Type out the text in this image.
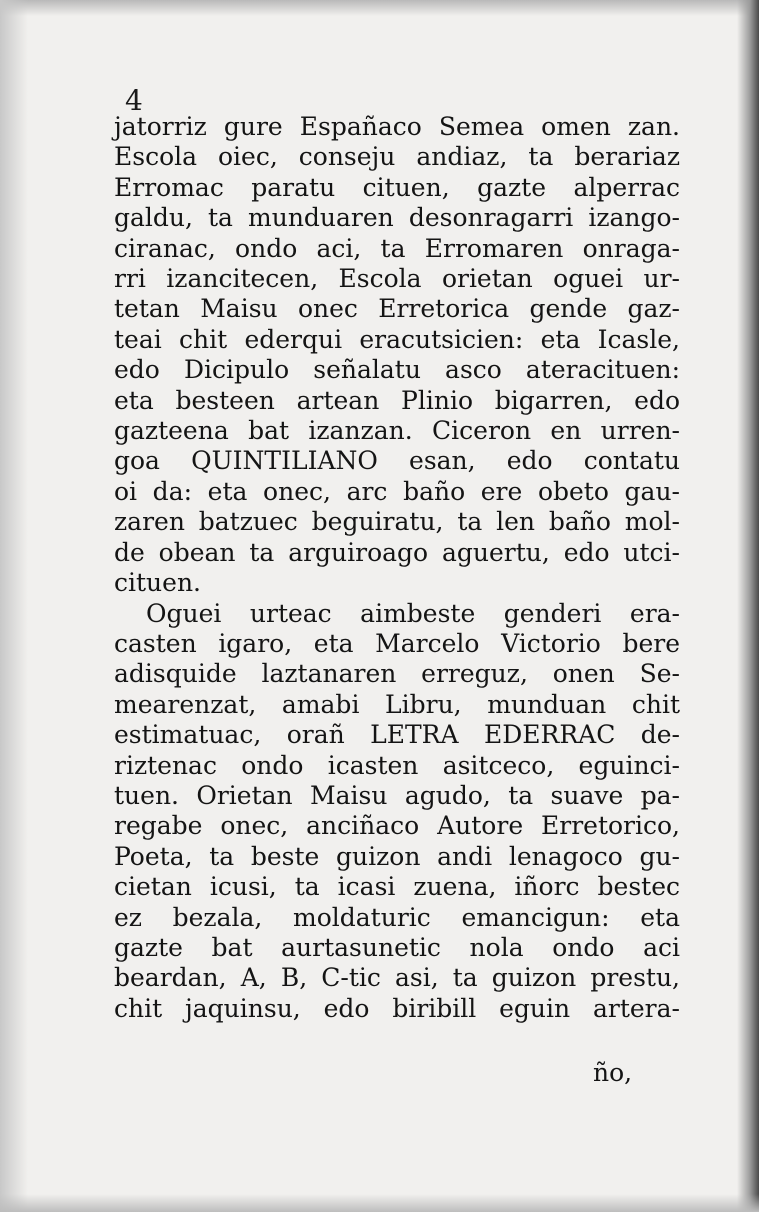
4
jatorriz gure Españaco Semea omen zan.
Escola oiec, conseju andiaz, ta berariaz
Erromac paratu cituen, gazte alperrac
galdu, ta munduaren desonragarri izango-
ciranac, ondo aci, ta Erromaren onraga-
rri izancitecen, Escola orietan oguei ur-
tetan Maisu onec Erretorica gende gaz-
teai chit ederqui eracutsicien: eta Icasle,
edo Dicipulo señalatu asco ateracituen:
eta besteen artean Plinio bigarren, edo
gazteena bat izanzan. Ciceron en urren-
goa QUINTILIANO esan, edo contatu
oi da: eta onec, arc baño ere obeto gau-
zaren batzuec beguiratu, ta len baño mol-
de obean ta arguiroago aguertu, edo utci-
cituen.
Oguei urteac aimbeste genderi era-
casten igaro, eta Marcelo Victorio bere
adisquide laztanaren erreguz, onen Se-
mearenzat, amabi Libru, munduan chit
estimatuac, orañ LETRA EDERRAC de-
riztenac ondo icasten asitceco, eguinci-
tuen. Orietan Maisu agudo, ta suave pa-
regabe onec, anciñaco Autore Erretorico,
Poeta, ta beste guizon andi lenagoco gu-
cietan icusi, ta icasi zuena, iñorc bestec
ez bezala, moldaturic emancigun: eta
gazte bat aurtasunetic nola ondo aci
beardan, A, B, C-tic asi, ta guizon prestu,
chit jaquinsu, edo biribill eguin artera-
ño,
